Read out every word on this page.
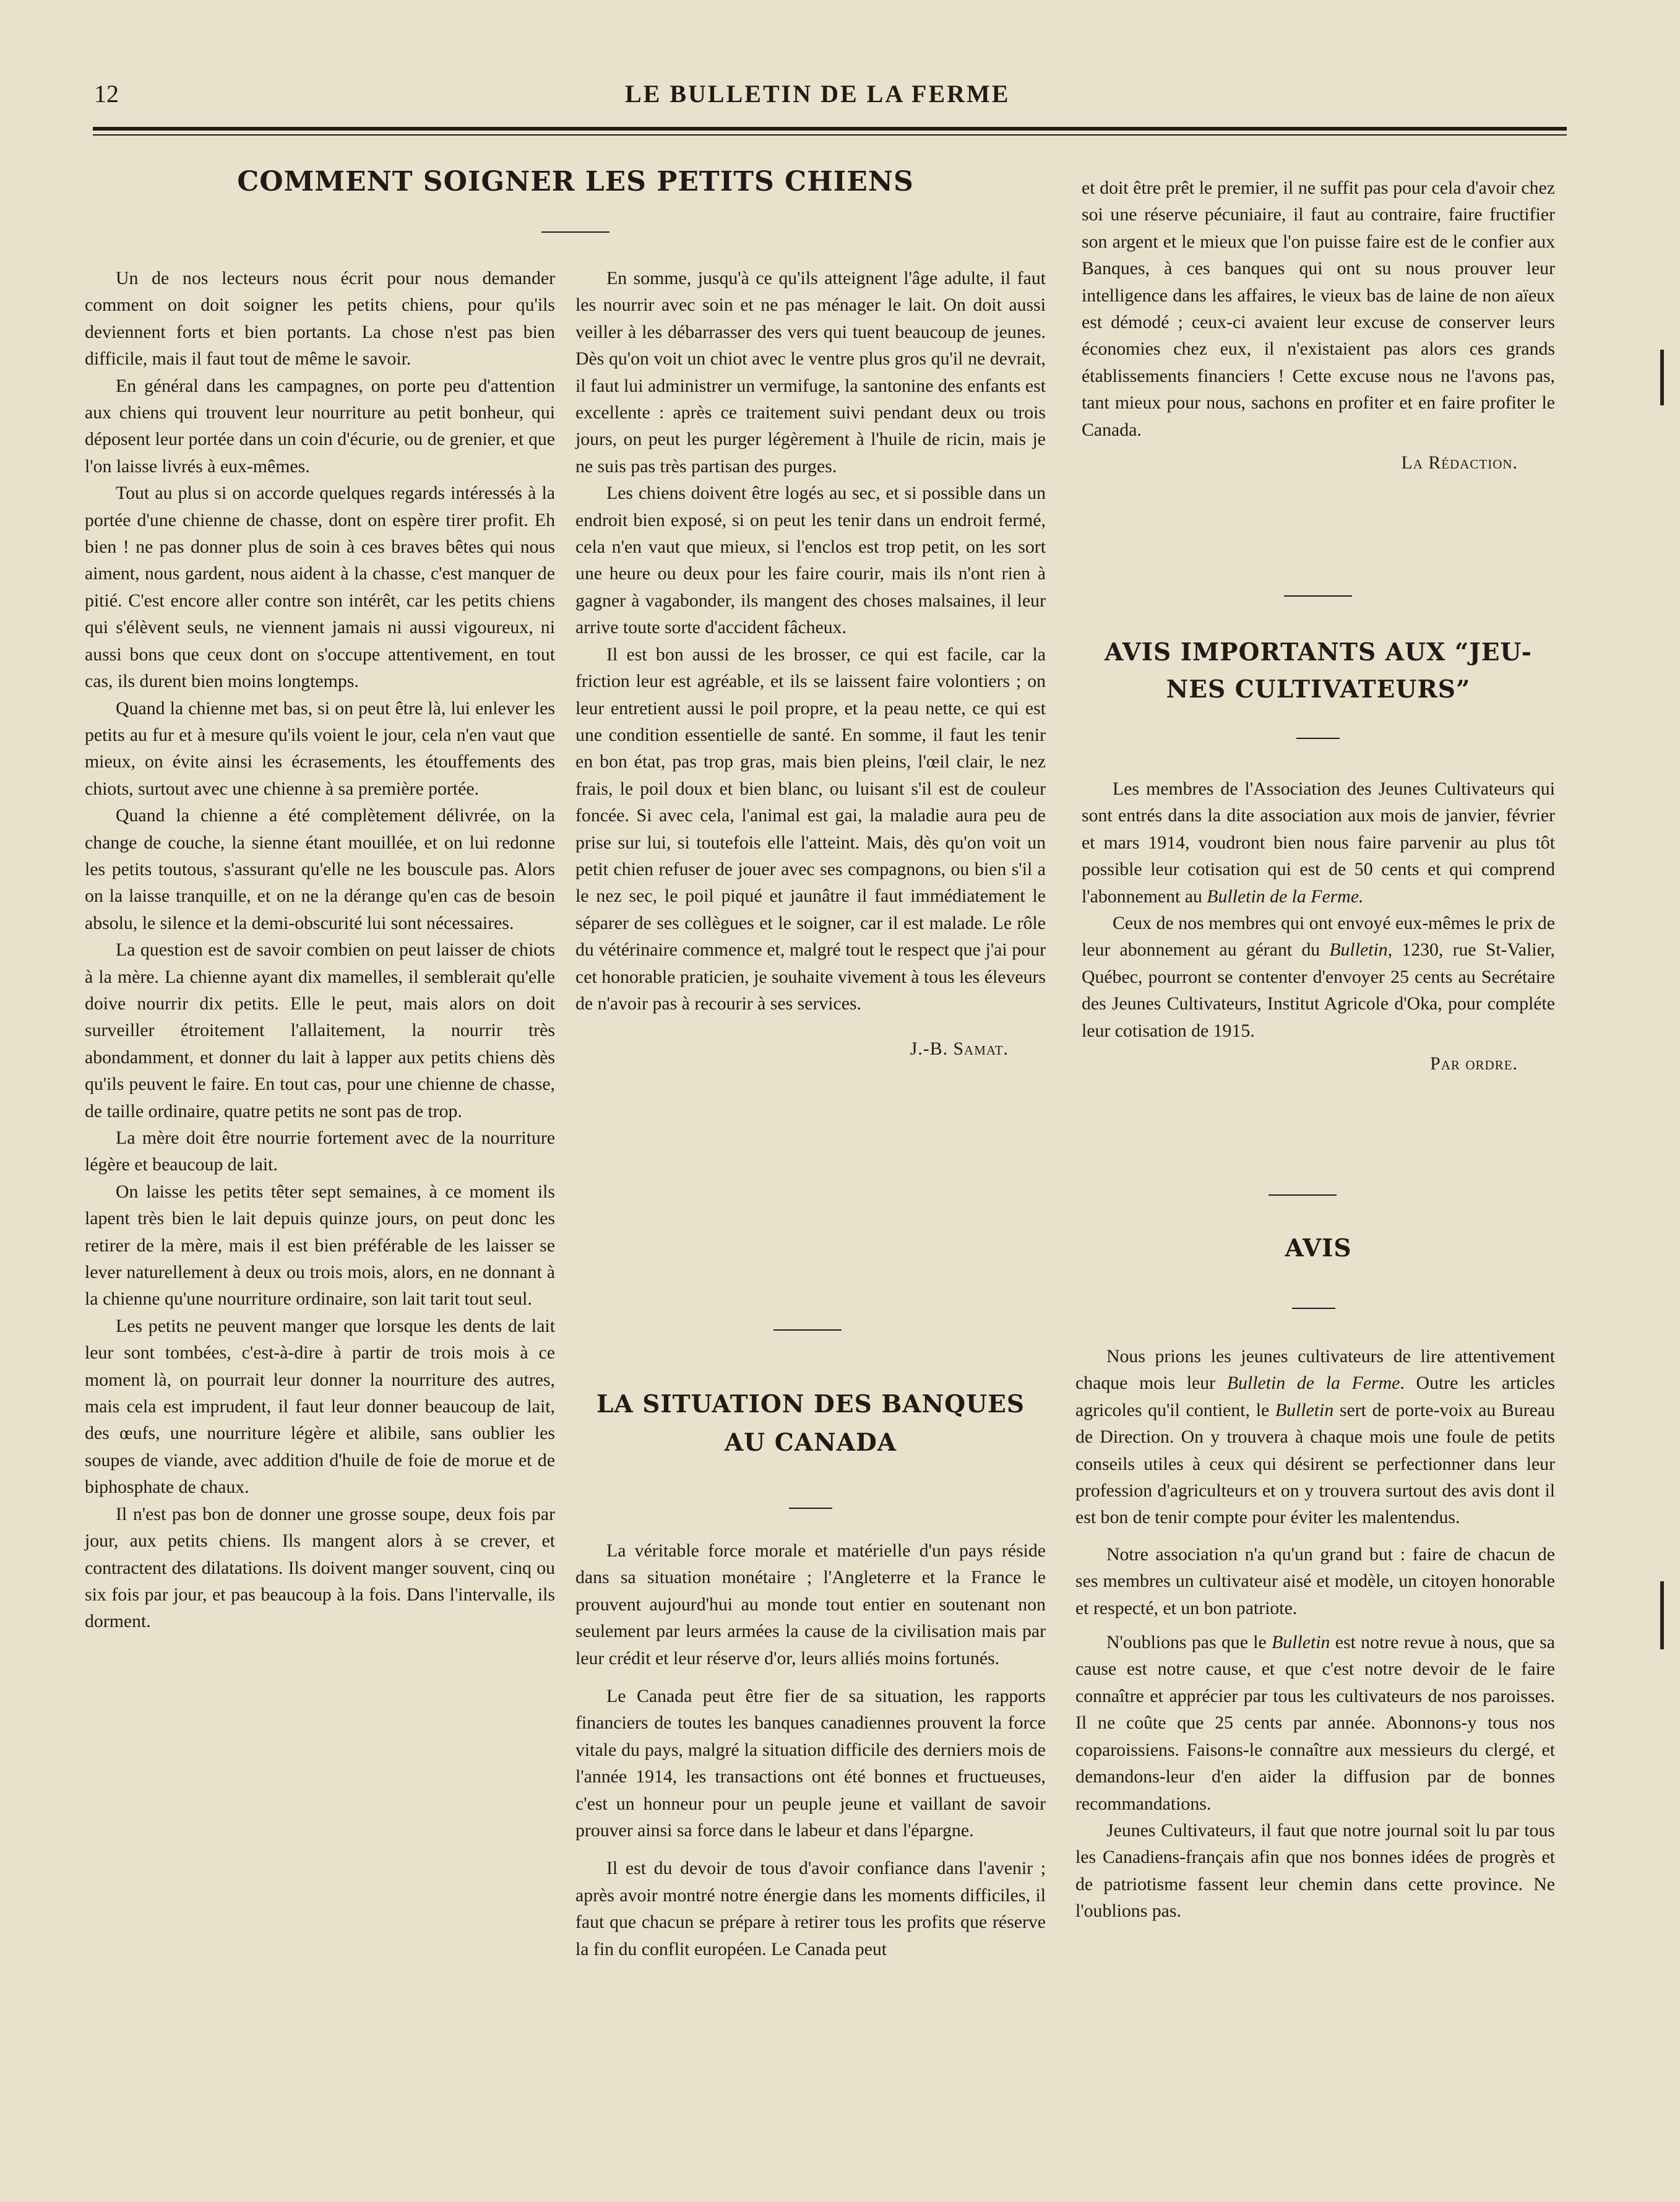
12	LE BULLETIN DE LA FERME
COMMENT SOIGNER LES PETITS CHIENS

Un de nos lecteurs nous écrit pour nous demander comment on doit soigner les petits chiens, pour qu'ils deviennent forts et bien portants. La chose n'est pas bien difficile, mais il faut tout de même le savoir.

En général dans les campagnes, on porte peu d'attention aux chiens qui trouvent leur nourriture au petit bonheur, qui déposent leur portée dans un coin d'écurie, ou de grenier, et que l'on laisse livrés à eux-mêmes.

Tout au plus si on accorde quelques regards intéressés à la portée d'une chienne de chasse, dont on espère tirer profit. Eh bien ! ne pas donner plus de soin à ces braves bêtes qui nous aiment, nous gardent, nous aident à la chasse, c'est manquer de pitié. C'est encore aller contre son intérêt, car les petits chiens qui s'élèvent seuls, ne viennent jamais ni aussi vigoureux, ni aussi bons que ceux dont on s'occupe attentivement, en tout cas, ils durent bien moins longtemps.

Quand la chienne met bas, si on peut être là, lui enlever les petits au fur et à mesure qu'ils voient le jour, cela n'en vaut que mieux, on évite ainsi les écrasements, les étouffements des chiots, surtout avec une chienne à sa première portée.

Quand la chienne a été complètement délivrée, on la change de couche, la sienne étant mouillée, et on lui redonne les petits toutous, s'assurant qu'elle ne les bouscule pas. Alors on la laisse tranquille, et on ne la dérange qu'en cas de besoin absolu, le silence et la demi-obscurité lui sont nécessaires.

La question est de savoir combien on peut laisser de chiots à la mère. La chienne ayant dix mamelles, il semblerait qu'elle doive nourrir dix petits. Elle le peut, mais alors on doit surveiller étroitement l'allaitement, la nourrir très abondamment, et donner du lait à lapper aux petits chiens dès qu'ils peuvent le faire. En tout cas, pour une chienne de chasse, de taille ordinaire, quatre petits ne sont pas de trop.

La mère doit être nourrie fortement avec de la nourriture légère et beaucoup de lait.

On laisse les petits têter sept semaines, à ce moment ils lapent très bien le lait depuis quinze jours, on peut donc les retirer de la mère, mais il est bien préférable de les laisser se lever naturellement à deux ou trois mois, alors, en ne donnant à la chienne qu'une nourriture ordinaire, son lait tarit tout seul.

Les petits ne peuvent manger que lorsque les dents de lait leur sont tombées, c'est-à-dire à partir de trois mois à ce moment là, on pourrait leur donner la nourriture des autres, mais cela est imprudent, il faut leur donner beaucoup de lait, des œufs, une nourriture légère et alibile, sans oublier les soupes de viande, avec addition d'huile de foie de morue et de biphosphate de chaux.

Il n'est pas bon de donner une grosse soupe, deux fois par jour, aux petits chiens. Ils mangent alors à se crever, et contractent des dilatations. Ils doivent manger souvent, cinq ou six fois par jour, et pas beaucoup à la fois. Dans l'intervalle, ils dorment.

En somme, jusqu'à ce qu'ils atteignent l'âge adulte, il faut les nourrir avec soin et ne pas ménager le lait. On doit aussi veiller à les débarrasser des vers qui tuent beaucoup de jeunes. Dès qu'on voit un chiot avec le ventre plus gros qu'il ne devrait, il faut lui administrer un vermifuge, la santonine des enfants est excellente : après ce traitement suivi pendant deux ou trois jours, on peut les purger légèrement à l'huile de ricin, mais je ne suis pas très partisan des purges.

Les chiens doivent être logés au sec, et si possible dans un endroit bien exposé, si on peut les tenir dans un endroit fermé, cela n'en vaut que mieux, si l'enclos est trop petit, on les sort une heure ou deux pour les faire courir, mais ils n'ont rien à gagner à vagabonder, ils mangent des choses malsaines, il leur arrive toute sorte d'accident fâcheux.

Il est bon aussi de les brosser, ce qui est facile, car la friction leur est agréable, et ils se laissent faire volontiers ; on leur entretient aussi le poil propre, et la peau nette, ce qui est une condition essentielle de santé. En somme, il faut les tenir en bon état, pas trop gras, mais bien pleins, l'œil clair, le nez frais, le poil doux et bien blanc, ou luisant s'il est de couleur foncée. Si avec cela, l'animal est gai, la maladie aura peu de prise sur lui, si toutefois elle l'atteint. Mais, dès qu'on voit un petit chien refuser de jouer avec ses compagnons, ou bien s'il a le nez sec, le poil piqué et jaunâtre il faut immédiatement le séparer de ses collègues et le soigner, car il est malade. Le rôle du vétérinaire commence et, malgré tout le respect que j'ai pour cet honorable praticien, je souhaite vivement à tous les éleveurs de n'avoir pas à recourir à ses services.

J.-B. Samat.

LA SITUATION DES BANQUES
AU CANADA

La véritable force morale et matérielle d'un pays réside dans sa situation monétaire ; l'Angleterre et la France le prouvent aujourd'hui au monde tout entier en soutenant non seulement par leurs armées la cause de la civilisation mais par leur crédit et leur réserve d'or, leurs alliés moins fortunés.

Le Canada peut être fier de sa situation, les rapports financiers de toutes les banques canadiennes prouvent la force vitale du pays, malgré la situation difficile des derniers mois de l'année 1914, les transactions ont été bonnes et fructueuses, c'est un honneur pour un peuple jeune et vaillant de savoir prouver ainsi sa force dans le labeur et dans l'épargne.

Il est du devoir de tous d'avoir confiance dans l'avenir ; après avoir montré notre énergie dans les moments difficiles, il faut que chacun se prépare à retirer tous les profits que réserve la fin du conflit européen. Le Canada peut

et doit être prêt le premier, il ne suffit pas pour cela d'avoir chez soi une réserve pécuniaire, il faut au contraire, faire fructifier son argent et le mieux que l'on puisse faire est de le confier aux Banques, à ces banques qui ont su nous prouver leur intelligence dans les affaires, le vieux bas de laine de non aïeux est démodé ; ceux-ci avaient leur excuse de conserver leurs économies chez eux, il n'existaient pas alors ces grands établissements financiers ! Cette excuse nous ne l'avons pas, tant mieux pour nous, sachons en profiter et en faire profiter le Canada.

La Rédaction.

AVIS IMPORTANTS AUX “JEU-
NES CULTIVATEURS”

Les membres de l'Association des Jeunes Cultivateurs qui sont entrés dans la dite association aux mois de janvier, février et mars 1914, voudront bien nous faire parvenir au plus tôt possible leur cotisation qui est de 50 cents et qui comprend l'abonnement au Bulletin de la Ferme.

Ceux de nos membres qui ont envoyé eux-mêmes le prix de leur abonnement au gérant du Bulletin, 1230, rue St-Valier, Québec, pourront se contenter d'envoyer 25 cents au Secrétaire des Jeunes Cultivateurs, Institut Agricole d'Oka, pour compléte leur cotisation de 1915.

Par ordre.

AVIS

Nous prions les jeunes cultivateurs de lire attentivement chaque mois leur Bulletin de la Ferme. Outre les articles agricoles qu'il contient, le Bulletin sert de porte-voix au Bureau de Direction. On y trouvera à chaque mois une foule de petits conseils utiles à ceux qui désirent se perfectionner dans leur profession d'agriculteurs et on y trouvera surtout des avis dont il est bon de tenir compte pour éviter les malentendus.

Notre association n'a qu'un grand but : faire de chacun de ses membres un cultivateur aisé et modèle, un citoyen honorable et respecté, et un bon patriote.

N'oublions pas que le Bulletin est notre revue à nous, que sa cause est notre cause, et que c'est notre devoir de le faire connaître et apprécier par tous les cultivateurs de nos paroisses. Il ne coûte que 25 cents par année. Abonnons-y tous nos coparoissiens. Faisons-le connaître aux messieurs du clergé, et demandons-leur d'en aider la diffusion par de bonnes recommandations.

Jeunes Cultivateurs, il faut que notre journal soit lu par tous les Canadiens-français afin que nos bonnes idées de progrès et de patriotisme fassent leur chemin dans cette province. Ne l'oublions pas.
